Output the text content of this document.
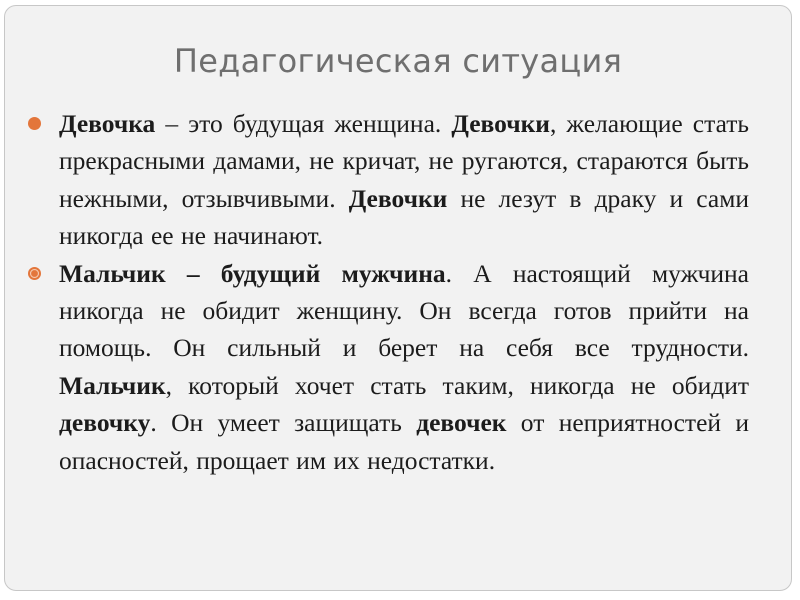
Педагогическая ситуация
Девочка – это будущая женщина. Девочки, желающие стать прекрасными дамами, не кричат, не ругаются, стараются быть нежными, отзывчивыми. Девочки не лезут в драку и сами никогда ее не начинают.
Мальчик – будущий мужчина. А настоящий мужчина никогда не обидит женщину. Он всегда готов прийти на помощь. Он сильный и берет на себя все трудности. Мальчик, который хочет стать таким, никогда не обидит девочку. Он умеет защищать девочек от неприятностей и опасностей, прощает им их недостатки.
